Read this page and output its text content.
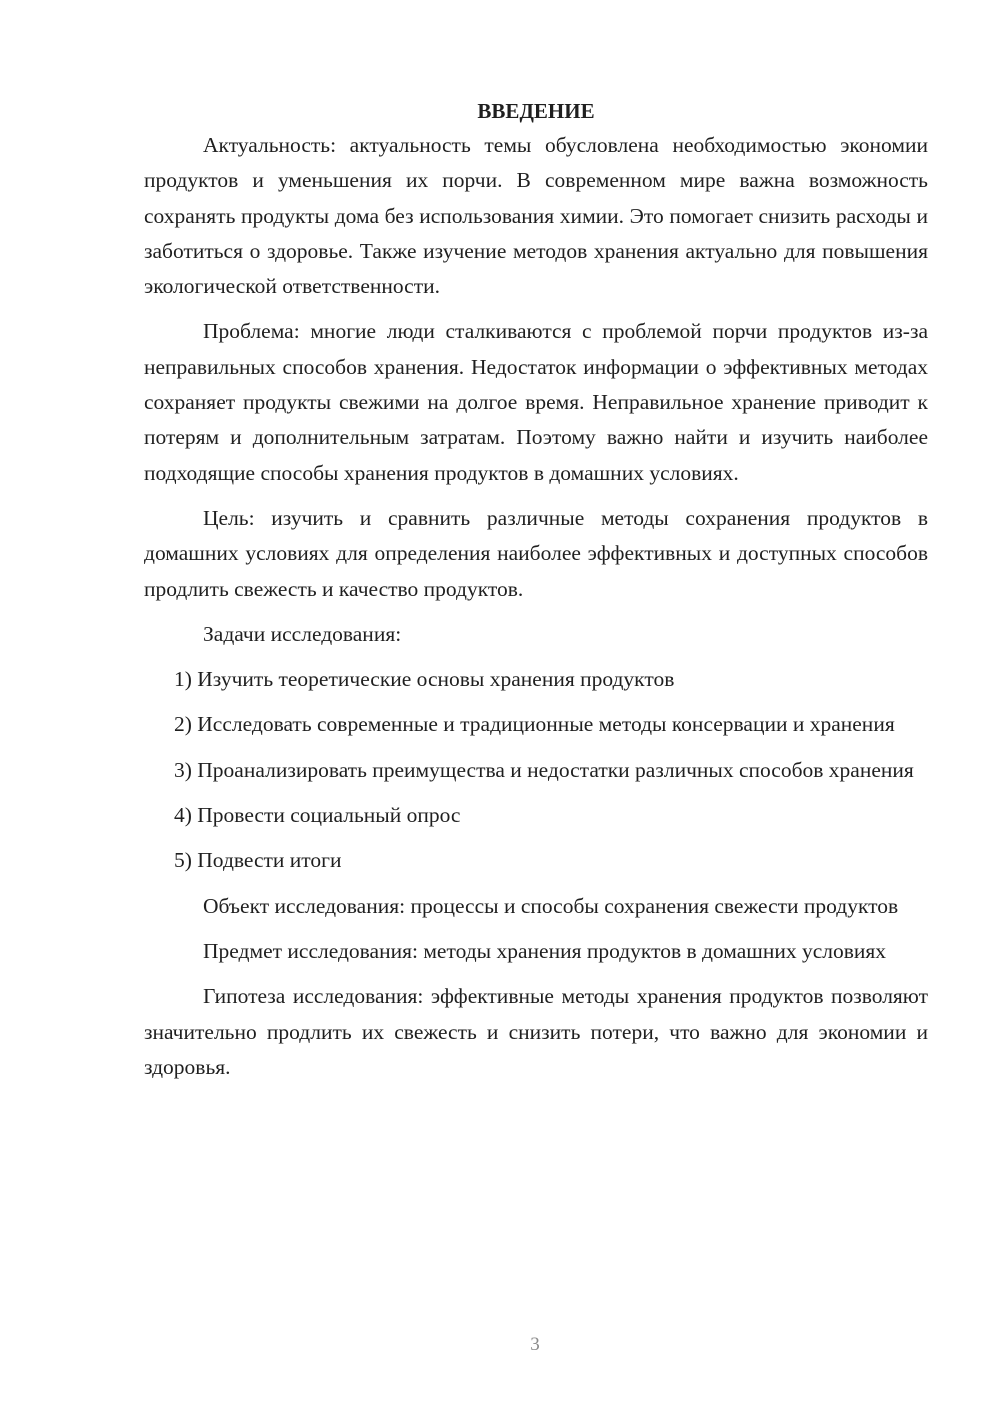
ВВЕДЕНИЕ

Актуальность: актуальность темы обусловлена необходимостью экономии продуктов и уменьшения их порчи. В современном мире важна возможность сохранять продукты дома без использования химии. Это помогает снизить расходы и заботиться о здоровье. Также изучение методов хранения актуально для повышения экологической ответственности.

Проблема: многие люди сталкиваются с проблемой порчи продуктов из-за неправильных способов хранения. Недостаток информации о эффективных методах сохраняет продукты свежими на долгое время. Неправильное хранение приводит к потерям и дополнительным затратам. Поэтому важно найти и изучить наиболее подходящие способы хранения продуктов в домашних условиях.

Цель: изучить и сравнить различные методы сохранения продуктов в домашних условиях для определения наиболее эффективных и доступных способов продлить свежесть и качество продуктов.

Задачи исследования:

1) Изучить теоретические основы хранения продуктов

2) Исследовать современные и традиционные методы консервации и хранения

3) Проанализировать преимущества и недостатки различных способов хранения

4) Провести социальный опрос

5) Подвести итоги

Объект исследования: процессы и способы сохранения свежести продуктов

Предмет исследования: методы хранения продуктов в домашних условиях

Гипотеза исследования: эффективные методы хранения продуктов позволяют значительно продлить их свежесть и снизить потери, что важно для экономии и здоровья.

3
